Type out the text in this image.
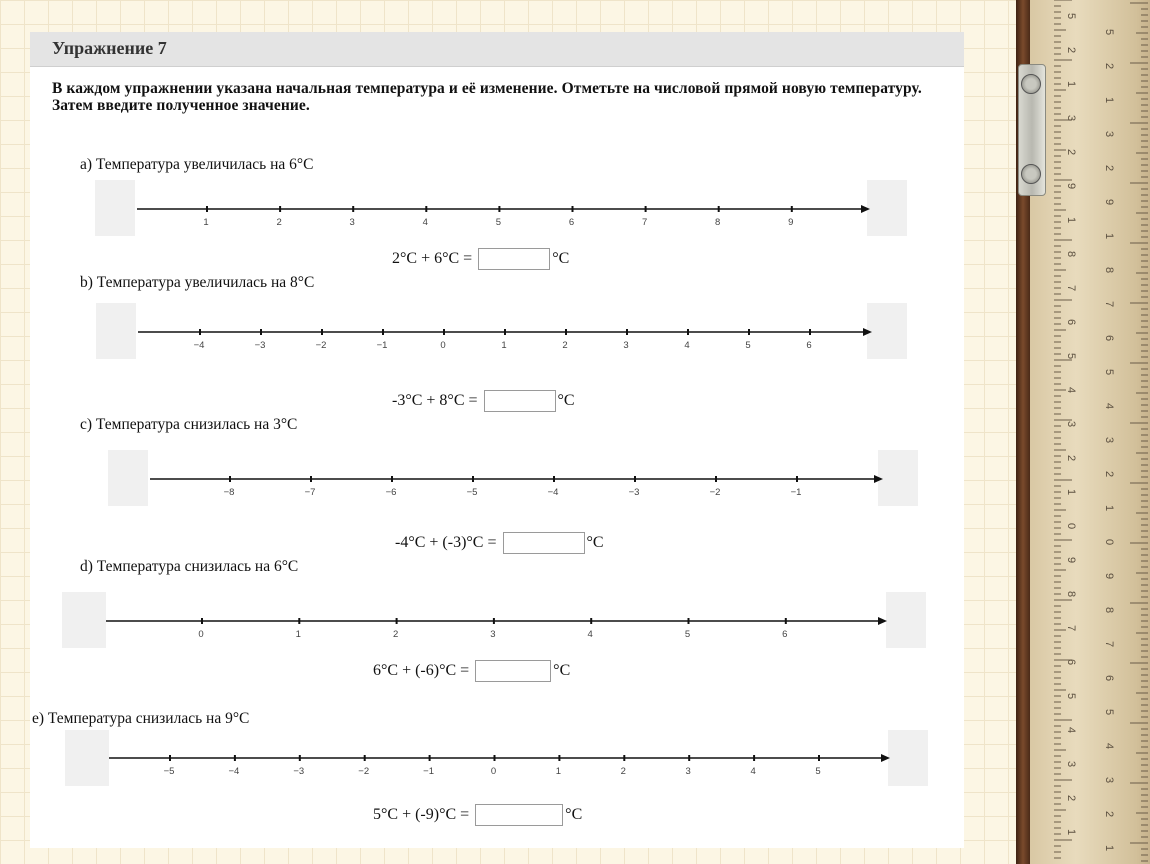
5
5
2
2
1
1
3
3
2
2
9
9
1
1
8
8
7
7
6
6
5
5
4
4
3
3
2
2
1
1
0
0
9
9
8
8
7
7
6
6
5
5
4
4
3
3
2
2
1
1
Упражнение 7
В каждом упражнении указана начальная температура и её изменение. Отметьте на числовой прямой новую температуру. Затем введите полученное значение.
a) Температура увеличилась на 6°C
1	2	3	4	5	6	7	8	9
2°C + 6°C =	°C
b) Температура увеличилась на 8°C
−4	−3	−2	−1	0	1	2	3	4	5	6
-3°C + 8°C =	°C
c) Температура снизилась на 3°C
−8	−7	−6	−5	−4	−3	−2	−1
-4°C + (-3)°C =	°C
d) Температура снизилась на 6°C
0	1	2	3	4	5	6
6°C + (-6)°C =	°C
e) Температура снизилась на 9°C
−5	−4	−3	−2	−1	0	1	2	3	4	5
5°C + (-9)°C =	°C
